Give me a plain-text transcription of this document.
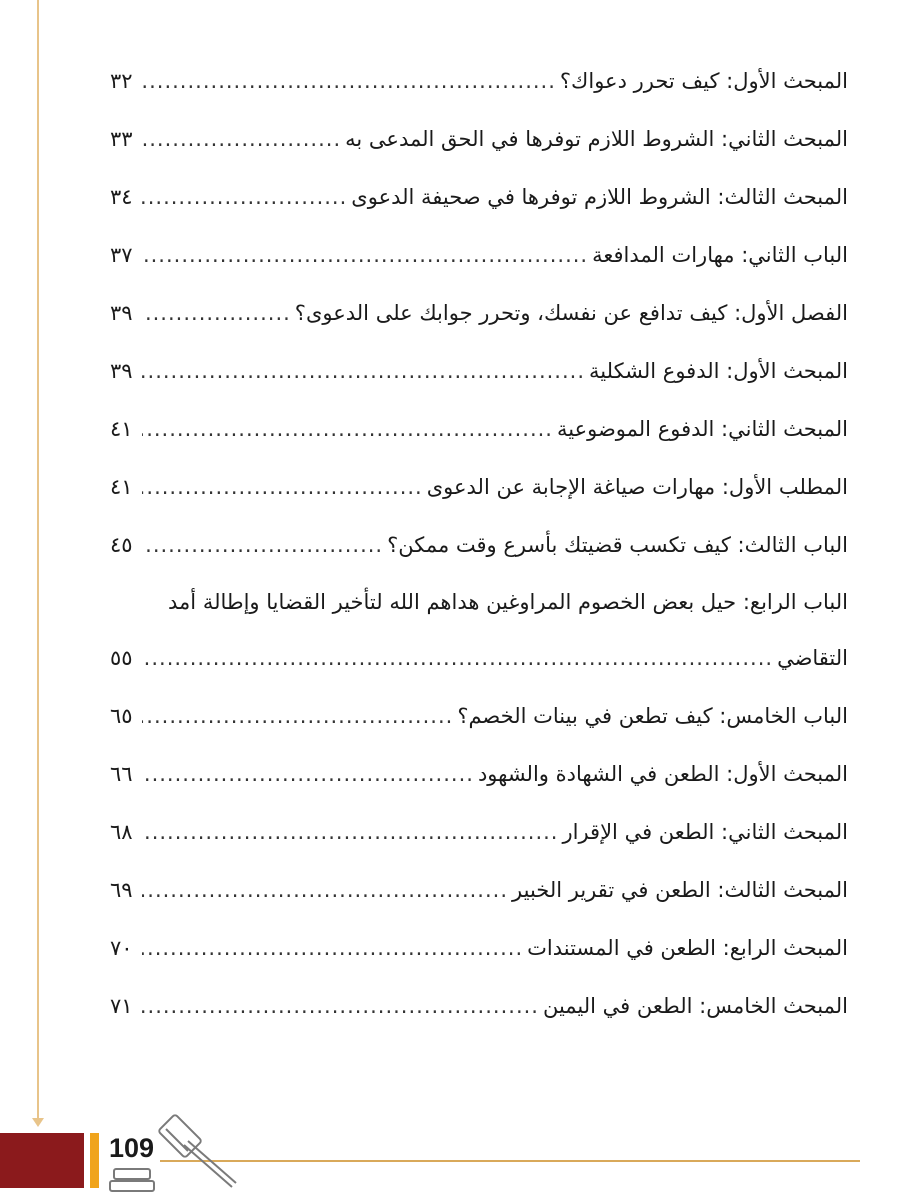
المبحث الأول: كيف تحرر دعواك؟
.....
٣٢
المبحث الثاني: الشروط اللازم توفرها في الحق المدعى به
.....
٣٣
المبحث الثالث: الشروط اللازم توفرها في صحيفة الدعوى
.....
٣٤
الباب الثاني: مهارات المدافعة
.....
٣٧
الفصل الأول: كيف تدافع عن نفسك، وتحرر جوابك على الدعوى؟
.....
٣٩
المبحث الأول: الدفوع الشكلية
.....
٣٩
المبحث الثاني: الدفوع الموضوعية
.....
٤١
المطلب الأول: مهارات صياغة الإجابة عن الدعوى
.....
٤١
الباب الثالث: كيف تكسب قضيتك بأسرع وقت ممكن؟
.....
٤٥
الباب الرابع: حيل بعض الخصوم المراوغين هداهم الله لتأخير القضايا وإطالة أمد
التقاضي
.....
٥٥
الباب الخامس: كيف تطعن في بينات الخصم؟
.....
٦٥
المبحث الأول: الطعن في الشهادة والشهود
.....
٦٦
المبحث الثاني: الطعن في الإقرار
.....
٦٨
المبحث الثالث: الطعن في تقرير الخبير
.....
٦٩
المبحث الرابع: الطعن في المستندات
.....
٧٠
المبحث الخامس: الطعن في اليمين
.....
٧١
109
